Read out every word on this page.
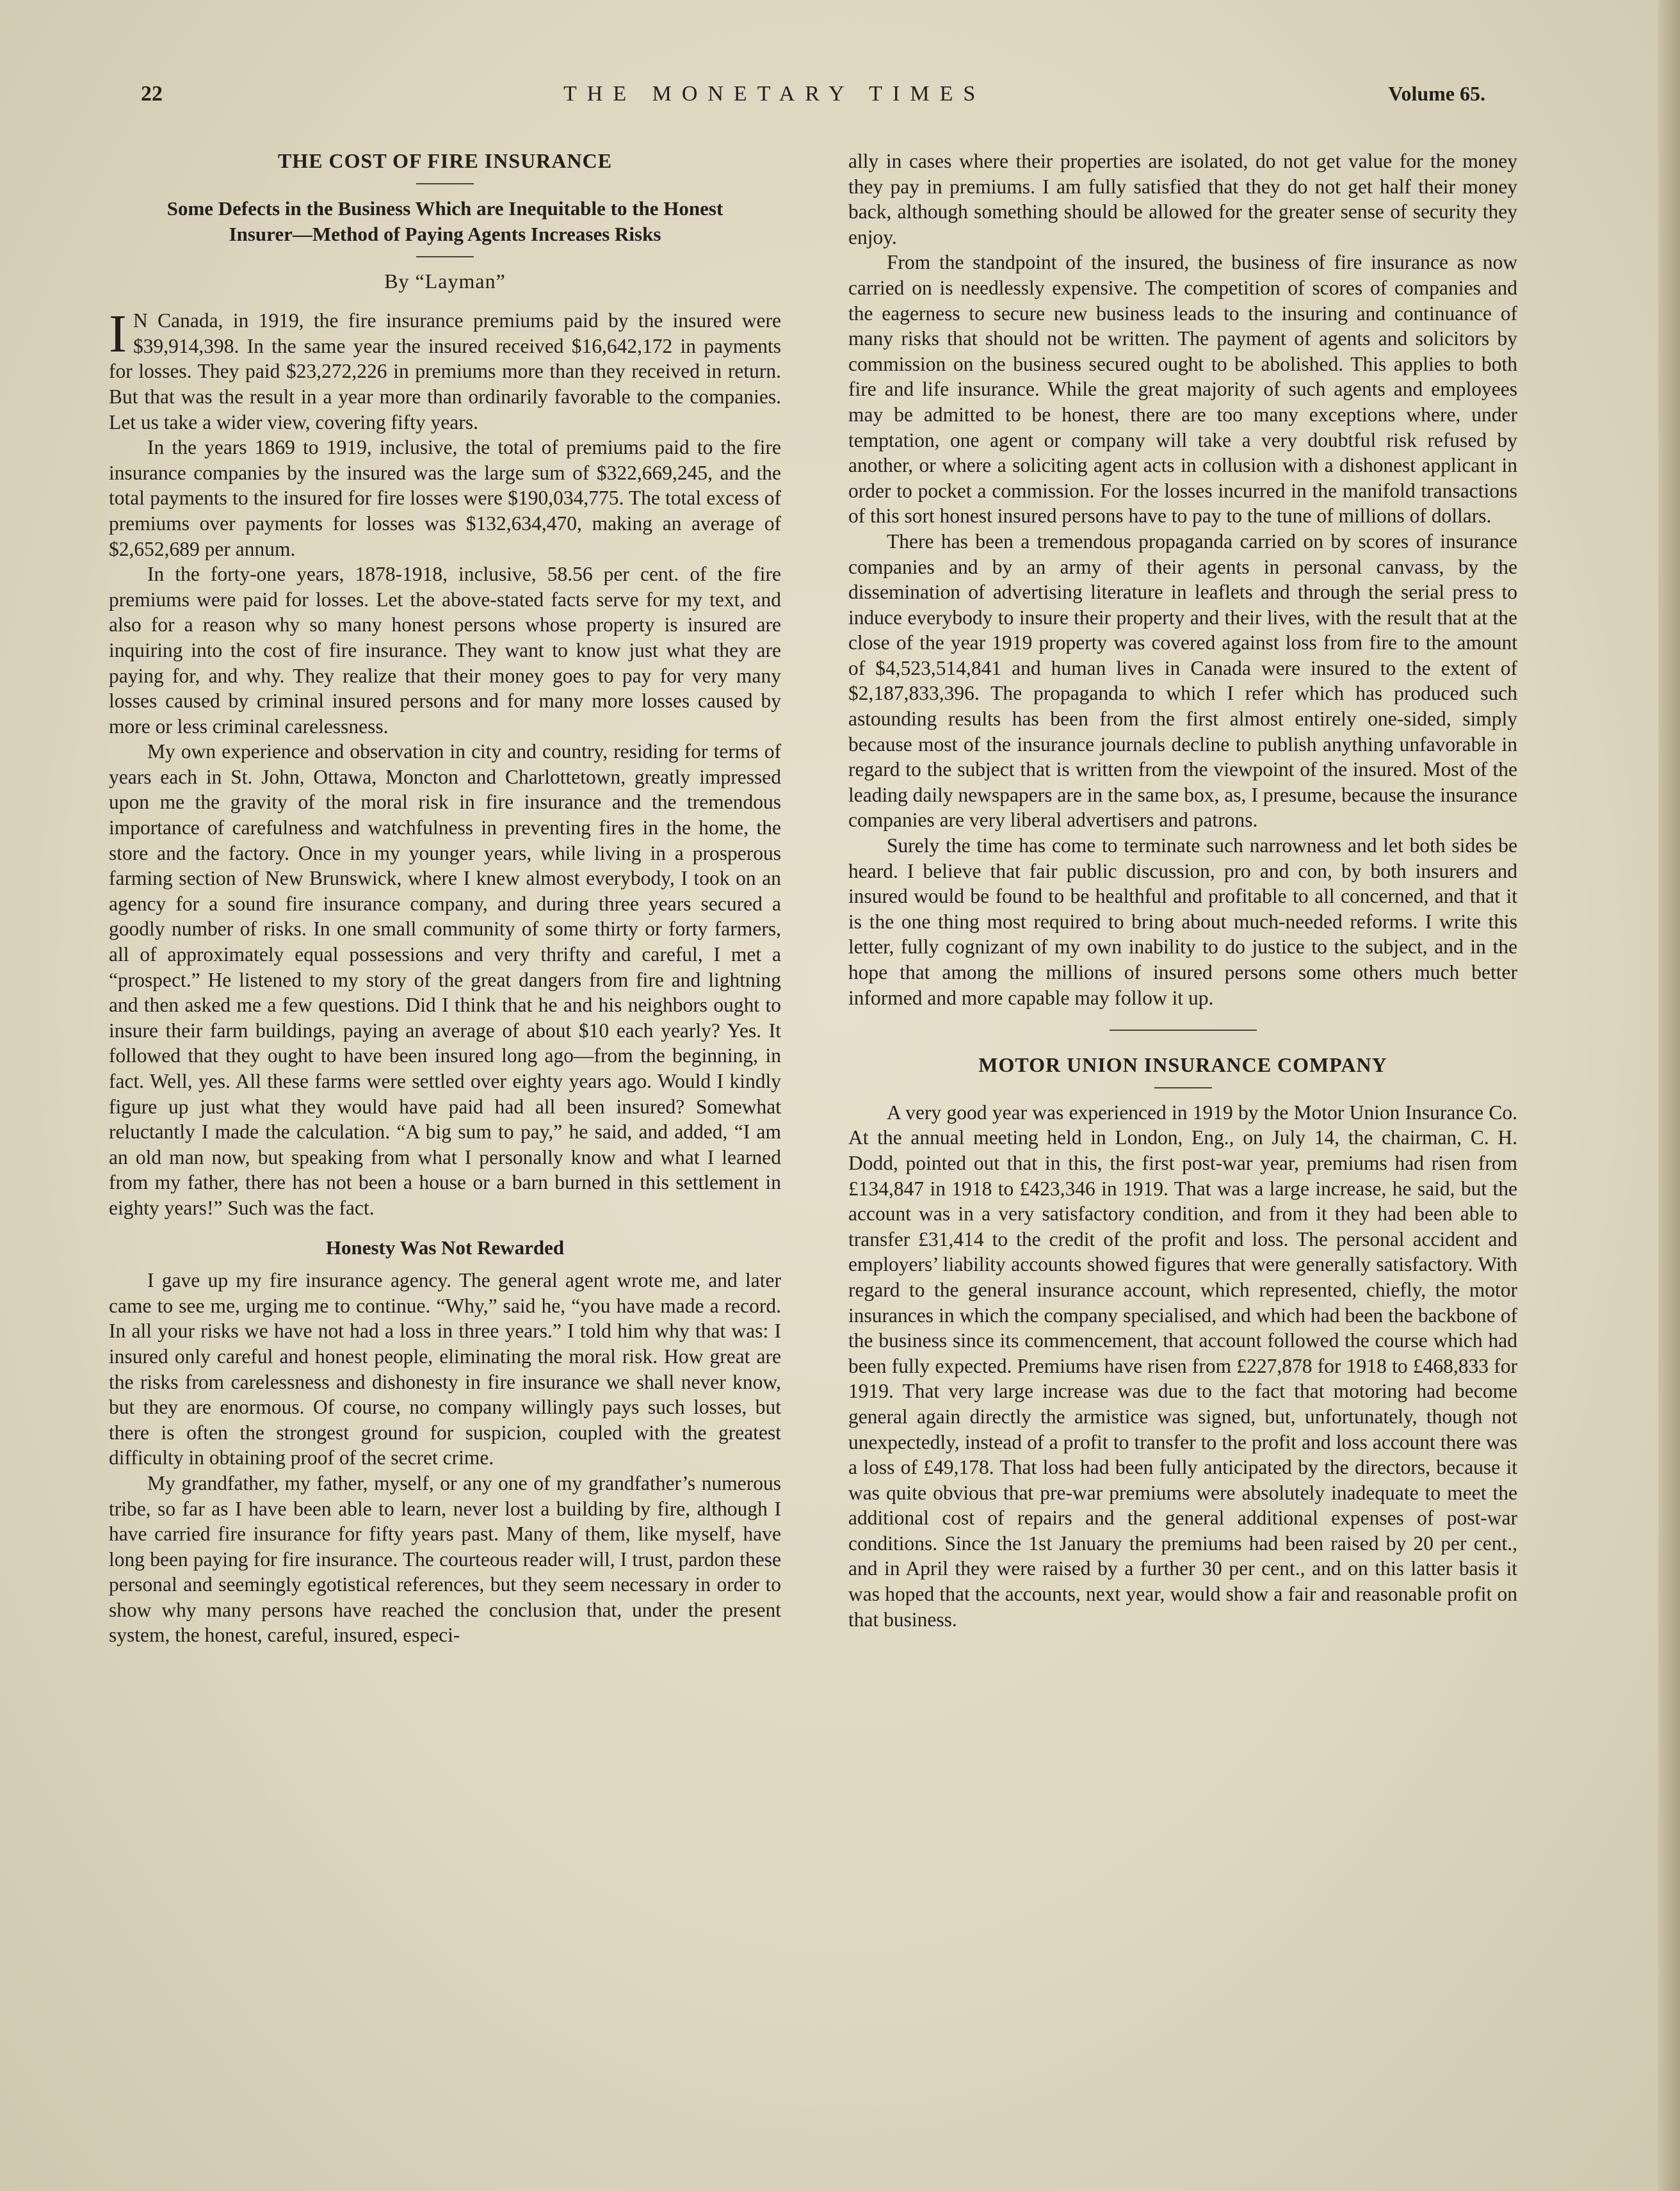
22	THE MONETARY TIMES	Volume 65.
THE COST OF FIRE INSURANCE
Some Defects in the Business Which are Inequitable to the Honest Insurer—Method of Paying Agents Increases Risks
By “Layman”

I N Canada, in 1919, the fire insurance premiums paid by the insured were $39,914,398. In the same year the insured received $16,642,172 in payments for losses. They paid $23,272,226 in premiums more than they received in return. But that was the result in a year more than ordinarily favorable to the companies. Let us take a wider view, covering fifty years.

In the years 1869 to 1919, inclusive, the total of premiums paid to the fire insurance companies by the insured was the large sum of $322,669,245, and the total payments to the insured for fire losses were $190,034,775. The total excess of premiums over payments for losses was $132,634,470, making an average of $2,652,689 per annum.

In the forty-one years, 1878-1918, inclusive, 58.56 per cent. of the fire premiums were paid for losses. Let the above-stated facts serve for my text, and also for a reason why so many honest persons whose property is insured are inquiring into the cost of fire insurance. They want to know just what they are paying for, and why. They realize that their money goes to pay for very many losses caused by criminal insured persons and for many more losses caused by more or less criminal carelessness.

My own experience and observation in city and country, residing for terms of years each in St. John, Ottawa, Moncton and Charlottetown, greatly impressed upon me the gravity of the moral risk in fire insurance and the tremendous importance of carefulness and watchfulness in preventing fires in the home, the store and the factory. Once in my younger years, while living in a prosperous farming section of New Brunswick, where I knew almost everybody, I took on an agency for a sound fire insurance company, and during three years secured a goodly number of risks. In one small community of some thirty or forty farmers, all of approximately equal possessions and very thrifty and careful, I met a “prospect.” He listened to my story of the great dangers from fire and lightning and then asked me a few questions. Did I think that he and his neighbors ought to insure their farm buildings, paying an average of about $10 each yearly? Yes. It followed that they ought to have been insured long ago—from the beginning, in fact. Well, yes. All these farms were settled over eighty years ago. Would I kindly figure up just what they would have paid had all been insured? Somewhat reluctantly I made the calculation. “A big sum to pay,” he said, and added, “I am an old man now, but speaking from what I personally know and what I learned from my father, there has not been a house or a barn burned in this settlement in eighty years!” Such was the fact.

Honesty Was Not Rewarded

I gave up my fire insurance agency. The general agent wrote me, and later came to see me, urging me to continue. “Why,” said he, “you have made a record. In all your risks we have not had a loss in three years.” I told him why that was: I insured only careful and honest people, eliminating the moral risk. How great are the risks from carelessness and dishonesty in fire insurance we shall never know, but they are enormous. Of course, no company willingly pays such losses, but there is often the strongest ground for suspicion, coupled with the greatest difficulty in obtaining proof of the secret crime.

My grandfather, my father, myself, or any one of my grandfather’s numerous tribe, so far as I have been able to learn, never lost a building by fire, although I have carried fire insurance for fifty years past. Many of them, like myself, have long been paying for fire insurance. The courteous reader will, I trust, pardon these personal and seemingly egotistical references, but they seem necessary in order to show why many persons have reached the conclusion that, under the present system, the honest, careful, insured, especi-

ally in cases where their properties are isolated, do not get value for the money they pay in premiums. I am fully satisfied that they do not get half their money back, although something should be allowed for the greater sense of security they enjoy.

From the standpoint of the insured, the business of fire insurance as now carried on is needlessly expensive. The competition of scores of companies and the eagerness to secure new business leads to the insuring and continuance of many risks that should not be written. The payment of agents and solicitors by commission on the business secured ought to be abolished. This applies to both fire and life insurance. While the great majority of such agents and employees may be admitted to be honest, there are too many exceptions where, under temptation, one agent or company will take a very doubtful risk refused by another, or where a soliciting agent acts in collusion with a dishonest applicant in order to pocket a commission. For the losses incurred in the manifold transactions of this sort honest insured persons have to pay to the tune of millions of dollars.

There has been a tremendous propaganda carried on by scores of insurance companies and by an army of their agents in personal canvass, by the dissemination of advertising literature in leaflets and through the serial press to induce everybody to insure their property and their lives, with the result that at the close of the year 1919 property was covered against loss from fire to the amount of $4,523,514,841 and human lives in Canada were insured to the extent of $2,187,833,396. The propaganda to which I refer which has produced such astounding results has been from the first almost entirely one-sided, simply because most of the insurance journals decline to publish anything unfavorable in regard to the subject that is written from the viewpoint of the insured. Most of the leading daily newspapers are in the same box, as, I presume, because the insurance companies are very liberal advertisers and patrons.

Surely the time has come to terminate such narrowness and let both sides be heard. I believe that fair public discussion, pro and con, by both insurers and insured would be found to be healthful and profitable to all concerned, and that it is the one thing most required to bring about much-needed reforms. I write this letter, fully cognizant of my own inability to do justice to the subject, and in the hope that among the millions of insured persons some others much better informed and more capable may follow it up.

MOTOR UNION INSURANCE COMPANY

A very good year was experienced in 1919 by the Motor Union Insurance Co. At the annual meeting held in London, Eng., on July 14, the chairman, C. H. Dodd, pointed out that in this, the first post-war year, premiums had risen from £134,847 in 1918 to £423,346 in 1919. That was a large increase, he said, but the account was in a very satisfactory condition, and from it they had been able to transfer £31,414 to the credit of the profit and loss. The personal accident and employers’ liability accounts showed figures that were generally satisfactory. With regard to the general insurance account, which represented, chiefly, the motor insurances in which the company specialised, and which had been the backbone of the business since its commencement, that account followed the course which had been fully expected. Premiums have risen from £227,878 for 1918 to £468,833 for 1919. That very large increase was due to the fact that motoring had become general again directly the armistice was signed, but, unfortunately, though not unexpectedly, instead of a profit to transfer to the profit and loss account there was a loss of £49,178. That loss had been fully anticipated by the directors, because it was quite obvious that pre-war premiums were absolutely inadequate to meet the additional cost of repairs and the general additional expenses of post-war conditions. Since the 1st January the premiums had been raised by 20 per cent., and in April they were raised by a further 30 per cent., and on this latter basis it was hoped that the accounts, next year, would show a fair and reasonable profit on that business.
